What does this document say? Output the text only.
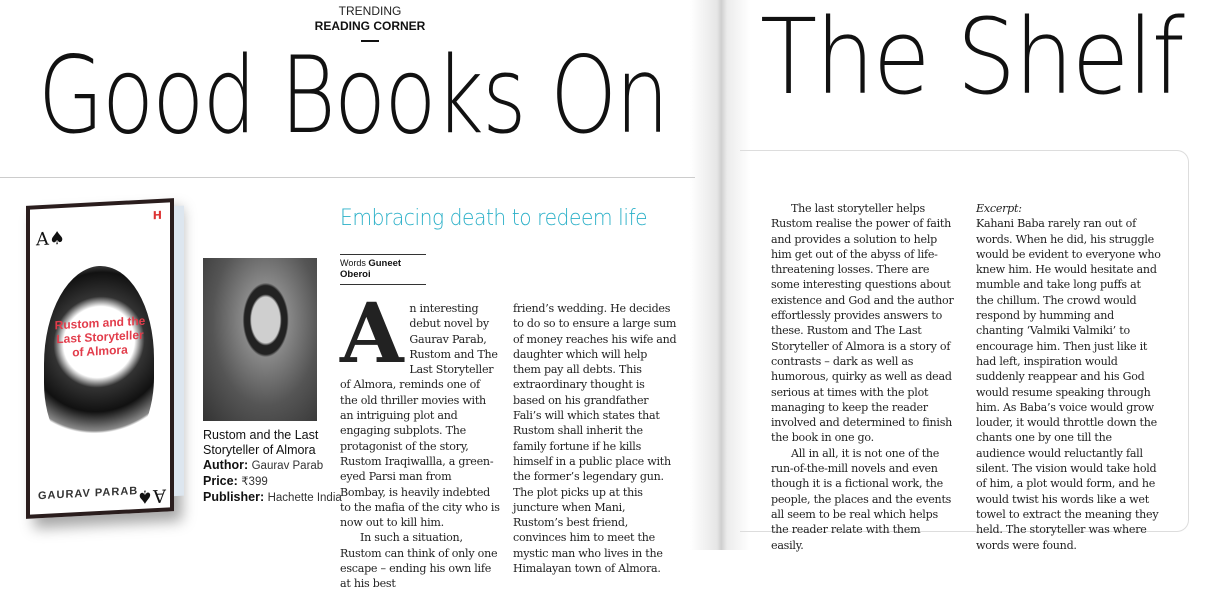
TRENDING
READING CORNER
Good Books On The Shelf
H
A♠
Rustom and the Last Storyteller of Almora
GAURAV PARAB
A♠
Rustom and the Last Storyteller of Almora
Author: Gaurav Parab
Price: ₹399
Publisher: Hachette India
Embracing death to redeem life
Words Guneet Oberoi

An interesting debut novel by Gaurav Parab, Rustom and The Last Storyteller of Almora, reminds one of the old thriller movies with an intriguing plot and engaging subplots. The protagonist of the story, Rustom Iraqiwallla, a green-eyed Parsi man from Bombay, is heavily indebted to the mafia of the city who is now out to kill him.

In such a situation, Rustom can think of only one escape – ending his own life at his best

friend’s wedding. He decides to do so to ensure a large sum of money reaches his wife and daughter which will help them pay all debts. This extraordinary thought is based on his grandfather Fali’s will which states that Rustom shall inherit the family fortune if he kills himself in a public place with the former’s legendary gun. The plot picks up at this juncture when Mani, Rustom’s best friend, convinces him to meet the mystic man who lives in the Himalayan town of Almora.

The last storyteller helps Rustom realise the power of faith and provides a solution to help him get out of the abyss of life-threatening losses. There are some interesting questions about existence and God and the author effortlessly provides answers to these. Rustom and The Last Storyteller of Almora is a story of contrasts – dark as well as humorous, quirky as well as dead serious at times with the plot managing to keep the reader involved and determined to finish the book in one go.

All in all, it is not one of the run-of-the-mill novels and even though it is a fictional work, the people, the places and the events all seem to be real which helps the reader relate with them easily.

Excerpt:

Kahani Baba rarely ran out of words. When he did, his struggle would be evident to everyone who knew him. He would hesitate and mumble and take long puffs at the chillum. The crowd would respond by humming and chanting ‘Valmiki Valmiki’ to encourage him. Then just like it had left, inspiration would suddenly reappear and his God would resume speaking through him. As Baba’s voice would grow louder, it would throttle down the chants one by one till the audience would reluctantly fall silent. The vision would take hold of him, a plot would form, and he would twist his words like a wet towel to extract the meaning they held. The storyteller was where words were found.
